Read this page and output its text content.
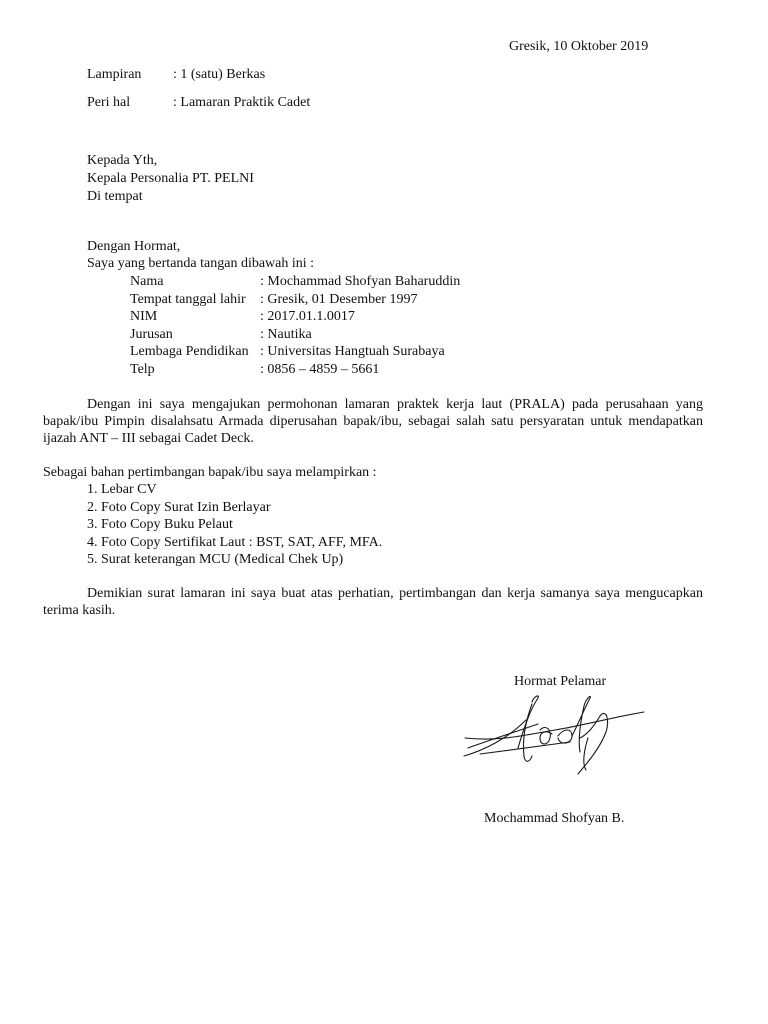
Gresik, 10 Oktober 2019
Lampiran : 1 (satu) Berkas
Peri hal	: Lamaran Praktik Cadet
Kepada Yth,
Kepala Personalia PT. PELNI
Di tempat
Dengan Hormat,
Saya yang bertanda tangan dibawah ini :
Nama	: Mochammad Shofyan Baharuddin
Tempat tanggal lahir	: Gresik, 01 Desember 1997
NIM	: 2017.01.1.0017
Jurusan	: Nautika
Lembaga Pendidikan	: Universitas Hangtuah Surabaya
Telp	: 0856 – 4859 – 5661
Dengan ini saya mengajukan permohonan lamaran praktek kerja laut (PRALA) pada perusahaan yang bapak/ibu Pimpin disalahsatu Armada diperusahan bapak/ibu, sebagai salah satu persyaratan untuk mendapatkan ijazah ANT – III sebagai Cadet Deck.
Sebagai bahan pertimbangan bapak/ibu saya melampirkan :
1. Lebar CV
2. Foto Copy Surat Izin Berlayar
3. Foto Copy Buku Pelaut
4. Foto Copy Sertifikat Laut : BST, SAT, AFF, MFA.
5. Surat keterangan MCU (Medical Chek Up)
Demikian surat lamaran ini saya buat atas perhatian, pertimbangan dan kerja samanya saya mengucapkan terima kasih.
Hormat Pelamar
Mochammad Shofyan B.
